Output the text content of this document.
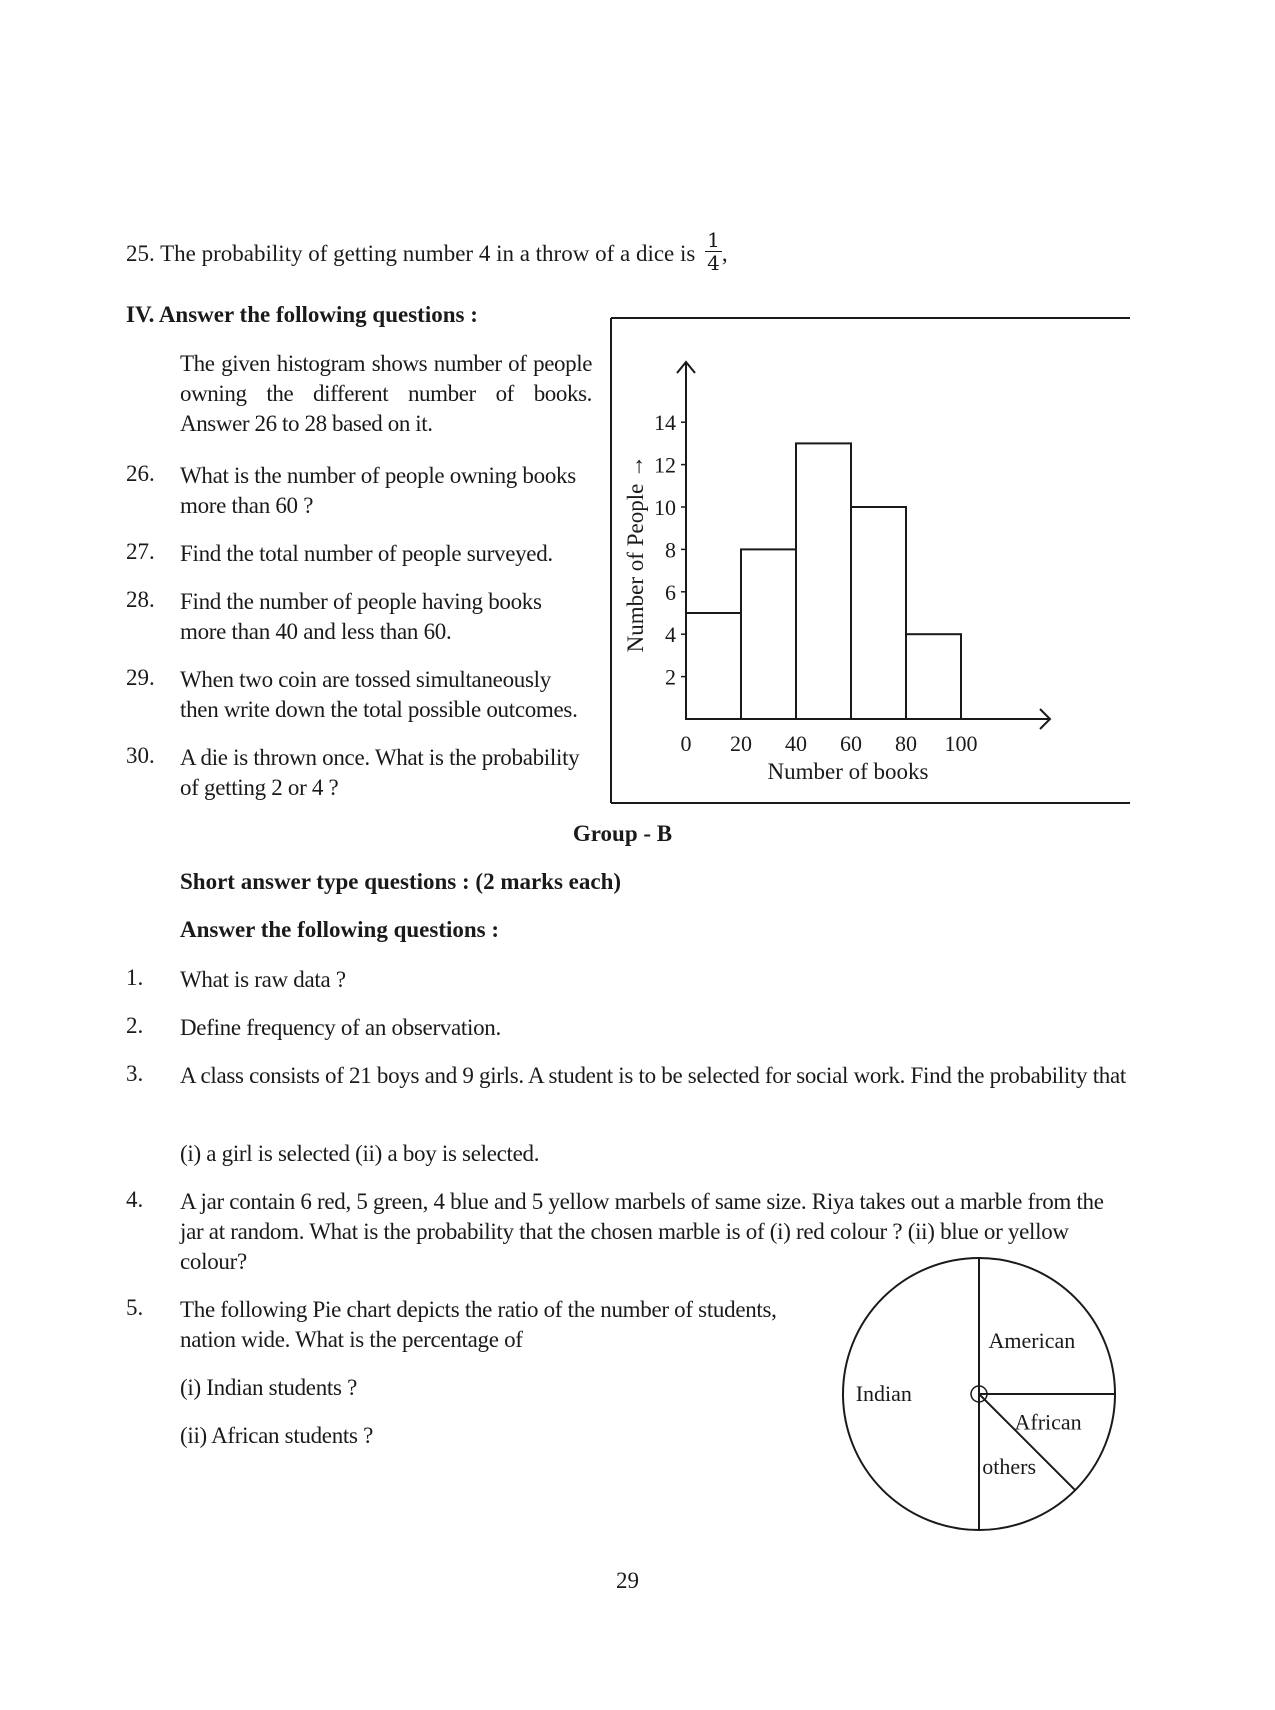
25. The probability of getting number 4 in a throw of a dice is $\frac{1}{4}$ ,
IV. Answer the following questions :
The given histogram shows number of people owning the different number of books. Answer 26 to 28 based on it.
26. What is the number of people owning books more than 60 ?
27. Find the total number of people surveyed.
28. Find the number of people having books more than 40 and less than 60.
29. When two coin are tossed simultaneously then write down the total possible outcomes.
30. A die is thrown once. What is the probability of getting 2 or 4 ?
2
4
6
8
10
12
14
0 20 40 60 80 100
Number of books
Number of People →
Group - B
Short answer type questions : (2 marks each)
Answer the following questions :
1. What is raw data ?
2. Define frequency of an observation.
3. A class consists of 21 boys and 9 girls. A student is to be selected for social work. Find the probability that
(i) a girl is selected (ii) a boy is selected.
4. A jar contain 6 red, 5 green, 4 blue and 5 yellow marbels of same size. Riya takes out a marble from the jar at random. What is the probability that the chosen marble is of (i) red colour ? (ii) blue or yellow colour?
5. The following Pie chart depicts the ratio of the number of students, nation wide. What is the percentage of
(i) Indian students ?
(ii) African students ?
Indian
American
African
others
29
